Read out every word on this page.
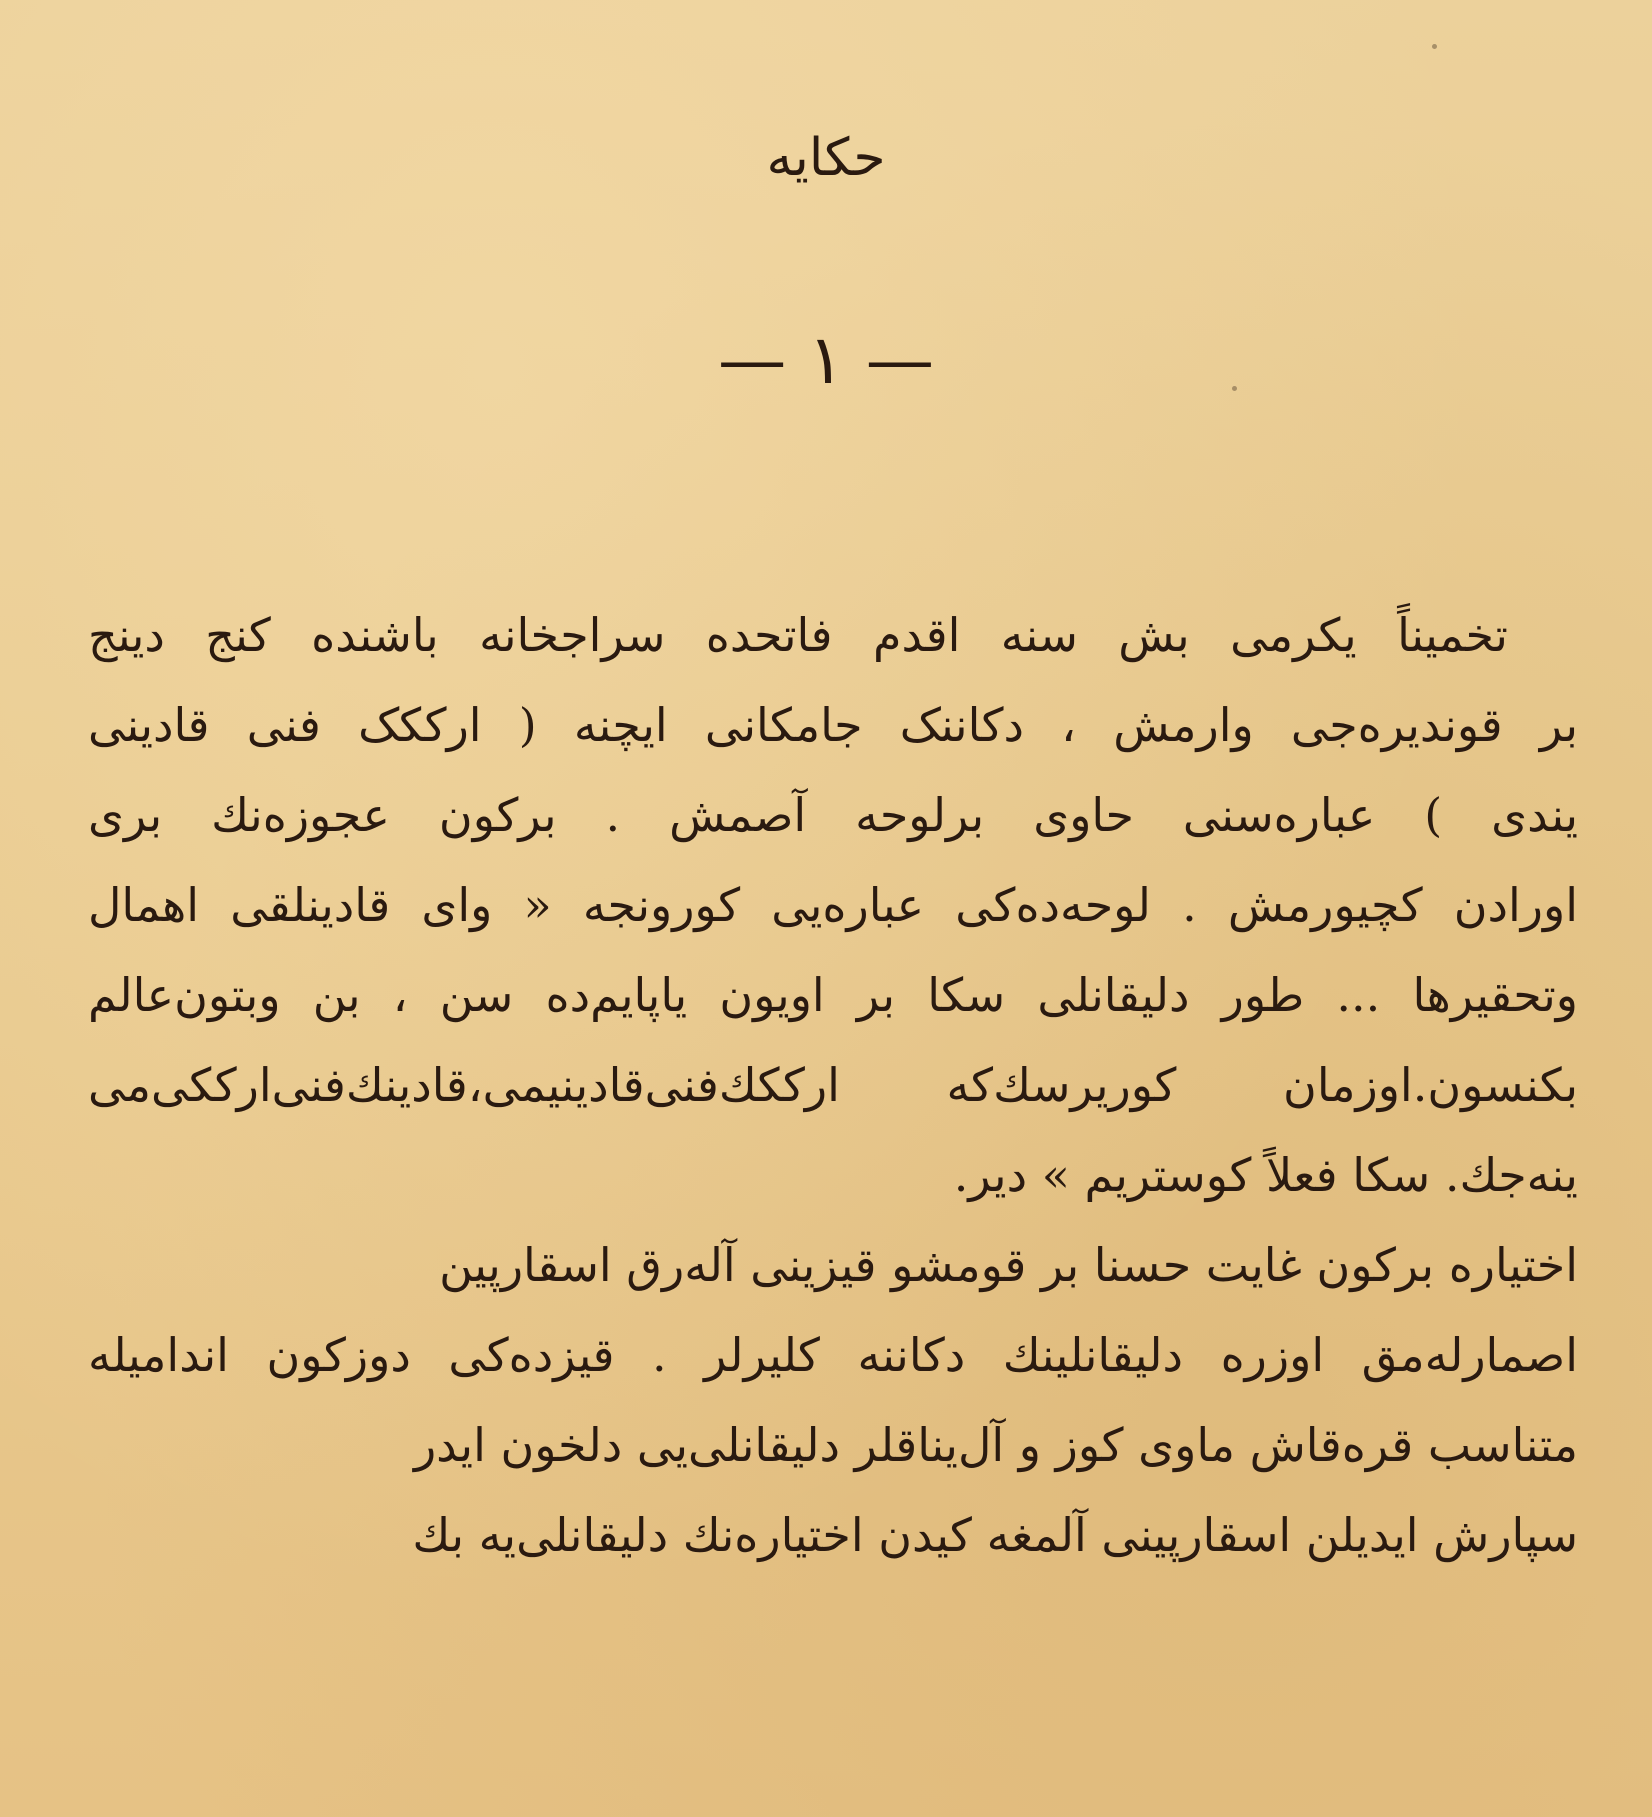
حکایه
— ١ —
تخمیناً یکرمی بش سنه اقدم فاتحده سراجخانه باشنده کنج دینج
بر قوندیره‌جی وارمش ، دکاننک جامکانی ایچنه ( ارککک فنی قادینی
یندی ) عباره‌سنی حاوی برلوحه آصمش . برکون عجوزه‌نك بری
اورادن کچیورمش . لوحه‌ده‌کی عباره‌یی کورونجه « وای قادینلقی اهمال
وتحقیرها ... طور دلیقانلی سکا بر اویون یاپایم‌ده سن ، بن وبتون‌عالم
بکنسون.اوزمان کوریرسك‌که ارککك‌فنی‌قادینیمی،قادینك‌فنی‌ارککی‌می
ینه‌جك. سکا فعلاً کوستریم » دیر.
اختیاره برکون غایت حسنا بر قومشو قیزینی آله‌رق اسقارپین
اصمارله‌مق اوزره دلیقانلینك دکاننه کلیرلر . قیزده‌کی دوزکون اندامیله
متناسب قره‌قاش ماوی کوز و آل‌یناقلر دلیقانلی‌یی دلخون ایدر
سپارش ایدیلن اسقارپینی آلمغه کیدن اختیاره‌نك دلیقانلی‌یه بك
